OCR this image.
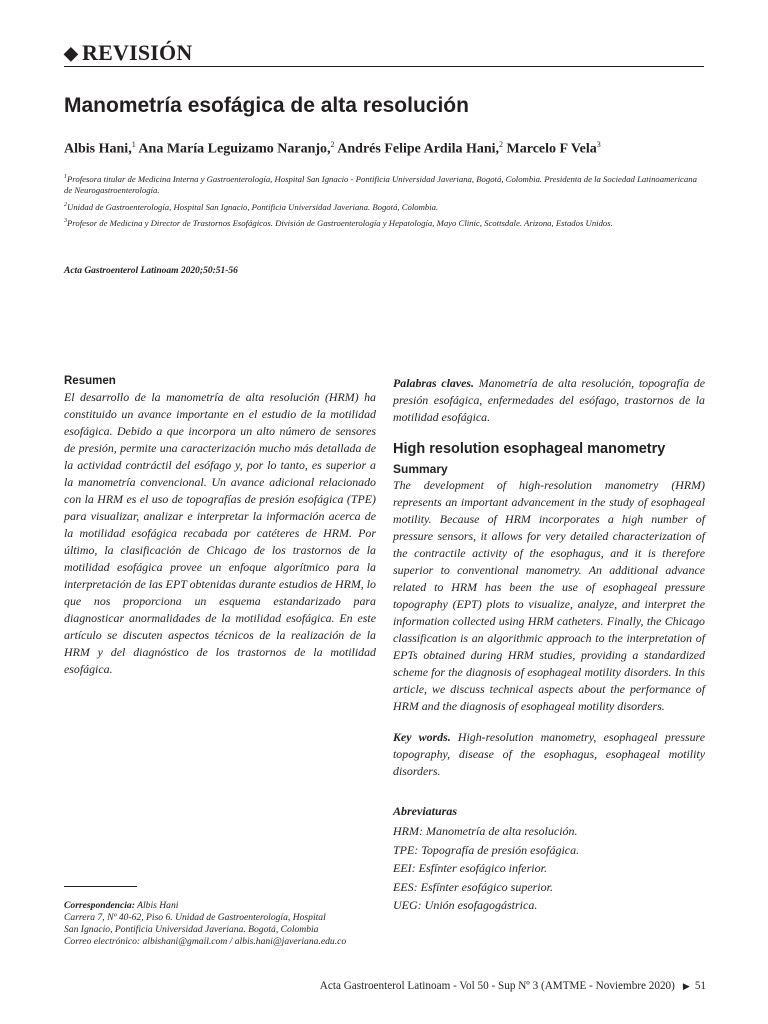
◆ REVISIÓN
Manometría esofágica de alta resolución
Albis Hani,$^1$ Ana María Leguizamo Naranjo,$^2$ Andrés Felipe Ardila Hani,$^2$ Marcelo F Vela$^3$

$^1$Profesora titular de Medicina Interna y Gastroenterología, Hospital San Ignacio - Pontificia Universidad Javeriana, Bogotá, Colombia. Presidenta de la Sociedad Latinoamericana de Neurogastroenterología.

$^2$Unidad de Gastroenterología, Hospital San Ignacio, Pontificia Universidad Javeriana. Bogotá, Colombia.

$^3$Profesor de Medicina y Director de Trastornos Esofágicos. División de Gastroenterología y Hepatología, Mayo Clinic, Scottsdale. Arizona, Estados Unidos.

Acta Gastroenterol Latinoam 2020;50:51-56
Resumen

El desarrollo de la manometría de alta resolución (HRM) ha constituido un avance importante en el estudio de la motilidad esofágica. Debido a que incorpora un alto número de sensores de presión, permite una caracterización mucho más detallada de la actividad contráctil del esófago y, por lo tanto, es superior a la manometría convencional. Un avance adicional relacionado con la HRM es el uso de topografías de presión esofágica (TPE) para visualizar, analizar e interpretar la información acerca de la motilidad esofágica recabada por catéteres de HRM. Por último, la clasificación de Chicago de los trastornos de la motilidad esofágica provee un enfoque algorítmico para la interpretación de las EPT obtenidas durante estudios de HRM, lo que nos proporciona un esquema estandarizado para diagnosticar anormalidades de la motilidad esofágica. En este artículo se discuten aspectos técnicos de la realización de la HRM y del diagnóstico de los trastornos de la motilidad esofágica.

Palabras claves. Manometría de alta resolución, topografía de presión esofágica, enfermedades del esófago, trastornos de la motilidad esofágica.

High resolution esophageal manometry
Summary

The development of high-resolution manometry (HRM) represents an important advancement in the study of esophageal motility. Because of HRM incorporates a high number of pressure sensors, it allows for very detailed characterization of the contractile activity of the esophagus, and it is therefore superior to conventional manometry. An additional advance related to HRM has been the use of esophageal pressure topography (EPT) plots to visualize, analyze, and interpret the information collected using HRM catheters. Finally, the Chicago classification is an algorithmic approach to the interpretation of EPTs obtained during HRM studies, providing a standardized scheme for the diagnosis of esophageal motility disorders. In this article, we discuss technical aspects about the performance of HRM and the diagnosis of esophageal motility disorders.

Key words. High-resolution manometry, esophageal pressure topography, disease of the esophagus, esophageal motility disorders.

Abreviaturas

HRM: Manometría de alta resolución.

TPE: Topografía de presión esofágica.

EEI: Esfínter esofágico inferior.

EES: Esfínter esofágico superior.

UEG: Unión esofagogástrica.

Correspondencia: Albis Hani

Carrera 7, Nº 40-62, Piso 6. Unidad de Gastroenterología, Hospital

San Ignacio, Pontificia Universidad Javeriana. Bogotá, Colombia

Correo electrónico: albishani@gmail.com / albis.hani@javeriana.edu.co

Acta Gastroenterol Latinoam - Vol 50 - Sup Nº 3 (AMTME - Noviembre 2020) ▶ 51
